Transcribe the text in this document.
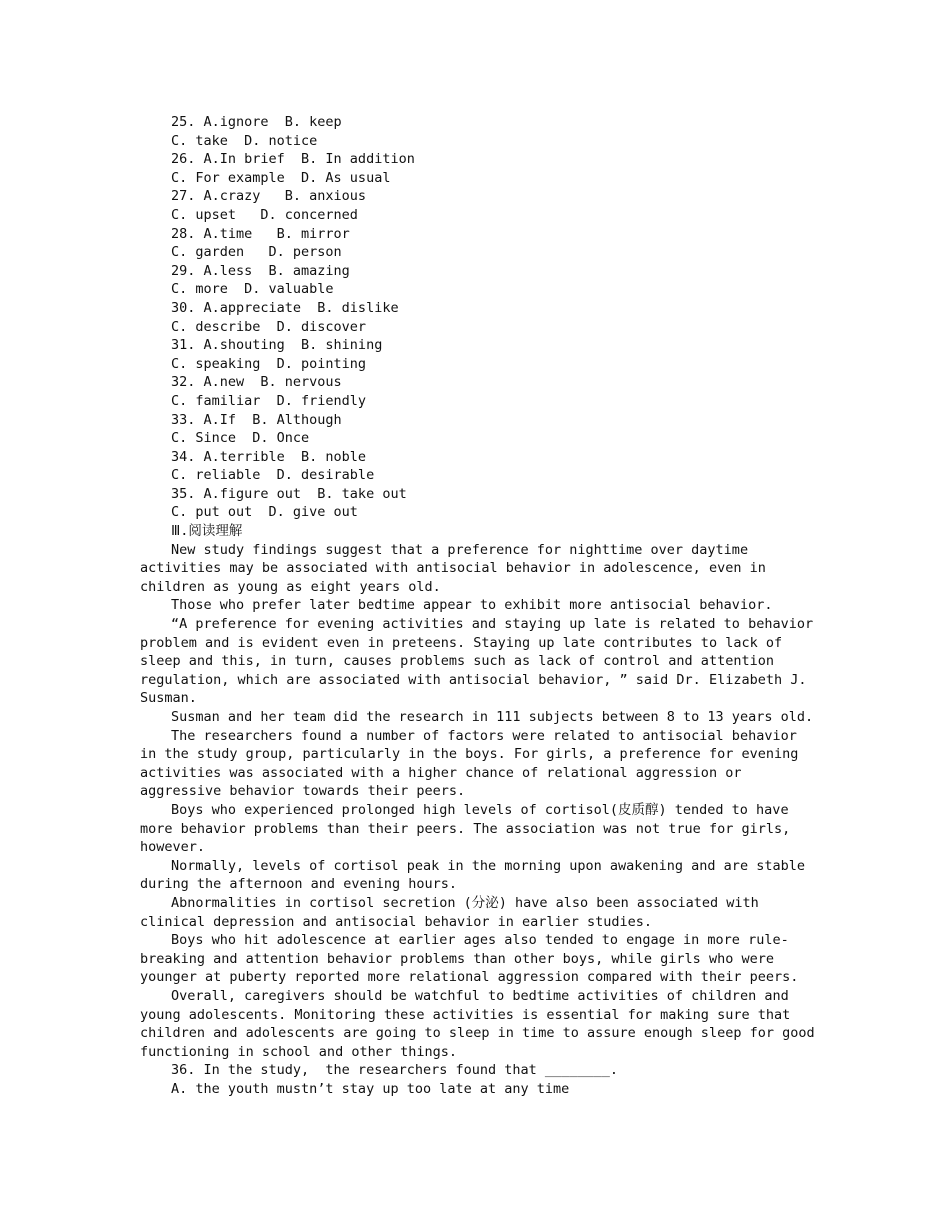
25. A.ignore  B. keep

C. take  D. notice

26. A.In brief  B. In addition

C. For example  D. As usual

27. A.crazy   B. anxious

C. upset   D. concerned

28. A.time   B. mirror

C. garden   D. person

29. A.less  B. amazing

C. more  D. valuable

30. A.appreciate  B. dislike

C. describe  D. discover

31. A.shouting  B. shining

C. speaking  D. pointing

32. A.new  B. nervous

C. familiar  D. friendly

33. A.If  B. Although

C. Since  D. Once

34. A.terrible  B. noble

C. reliable  D. desirable

35. A.figure out  B. take out

C. put out  D. give out

Ⅲ.阅读理解

New study findings suggest that a preference for nighttime over daytime activities may be associated with antisocial behavior in adolescence, even in children as young as eight years old.

Those who prefer later bedtime appear to exhibit more antisocial behavior.

“A preference for evening activities and staying up late is related to behavior problem and is evident even in preteens. Staying up late contributes to lack of sleep and this, in turn, causes problems such as lack of control and attention regulation, which are associated with antisocial behavior, ” said Dr. Elizabeth J. Susman.

Susman and her team did the research in 111 subjects between 8 to 13 years old.

The researchers found a number of factors were related to antisocial behavior in the study group, particularly in the boys. For girls, a preference for evening activities was associated with a higher chance of relational aggression or aggressive behavior towards their peers.

Boys who experienced prolonged high levels of cortisol(皮质醇) tended to have more behavior problems than their peers. The association was not true for girls, however.

Normally, levels of cortisol peak in the morning upon awakening and are stable during the afternoon and evening hours.

Abnormalities in cortisol secretion (分泌) have also been associated with clinical depression and antisocial behavior in earlier studies.

Boys who hit adolescence at earlier ages also tended to engage in more rule-breaking and attention behavior problems than other boys, while girls who were younger at puberty reported more relational aggression compared with their peers.

Overall, caregivers should be watchful to bedtime activities of children and young adolescents. Monitoring these activities is essential for making sure that children and adolescents are going to sleep in time to assure enough sleep for good functioning in school and other things.

36. In the study,  the researchers found that ________.

A. the youth mustn’t stay up too late at any time
